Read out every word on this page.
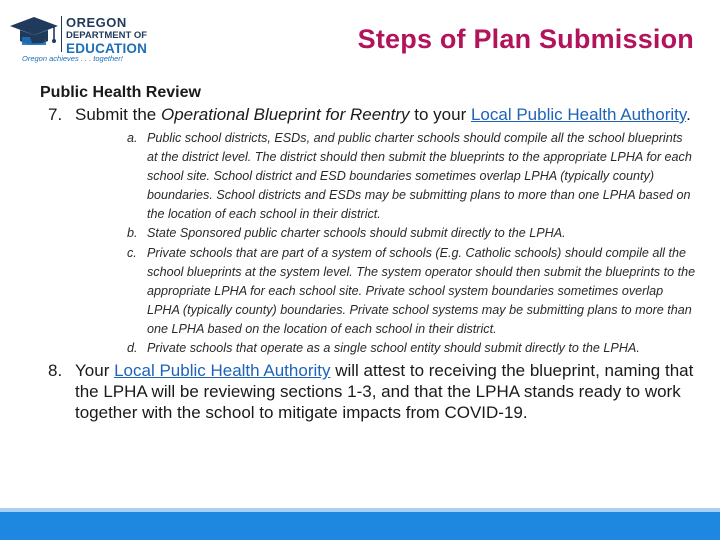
OREGON
DEPARTMENT OF
EDUCATION
Oregon achieves . . . together!
Steps of Plan Submission
Public Health Review
7. Submit the Operational Blueprint for Reentry to your Local Public Health Authority.
a. Public school districts, ESDs, and public charter schools should compile all the school blueprints at the district level. The district should then submit the blueprints to the appropriate LPHA for each school site. School district and ESD boundaries sometimes overlap LPHA (typically county) boundaries. School districts and ESDs may be submitting plans to more than one LPHA based on the location of each school in their district.
b. State Sponsored public charter schools should submit directly to the LPHA.
c. Private schools that are part of a system of schools (E.g. Catholic schools) should compile all the school blueprints at the system level. The system operator should then submit the blueprints to the appropriate LPHA for each school site. Private school system boundaries sometimes overlap LPHA (typically county) boundaries. Private school systems may be submitting plans to more than one LPHA based on the location of each school in their district.
d. Private schools that operate as a single school entity should submit directly to the LPHA.
8. Your Local Public Health Authority will attest to receiving the blueprint, naming that the LPHA will be reviewing sections 1-3, and that the LPHA stands ready to work together with the school to mitigate impacts from COVID-19.
